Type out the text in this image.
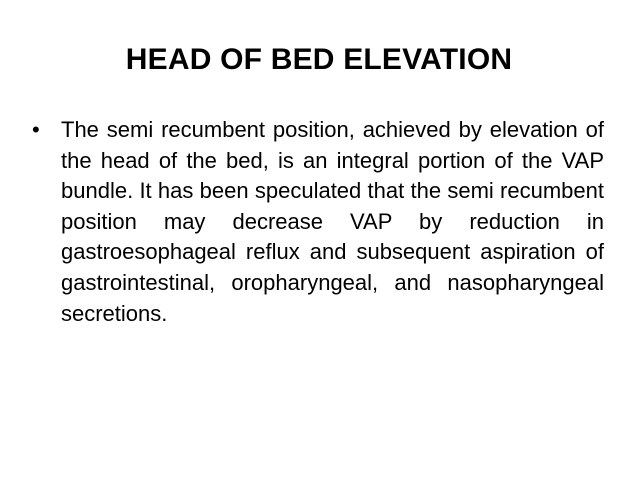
HEAD OF BED ELEVATION
• The semi recumbent position, achieved by elevation of the head of the bed, is an integral portion of the VAP bundle. It has been speculated that the semi recumbent position may decrease VAP by reduction in gastroesophageal reflux and subsequent aspiration of gastrointestinal, oropharyngeal, and nasopharyngeal secretions.
